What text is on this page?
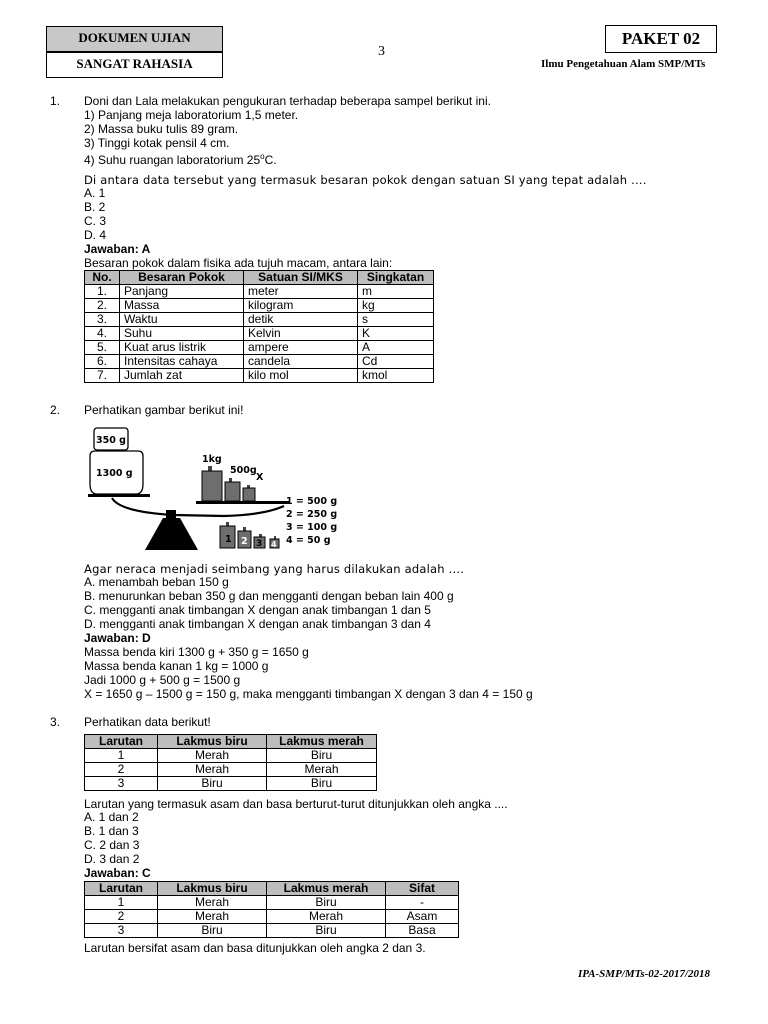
DOKUMEN UJIAN
SANGAT RAHASIA
3
PAKET 02
Ilmu Pengetahuan Alam SMP/MTs
1. Doni dan Lala melakukan pengukuran terhadap beberapa sampel berikut ini.
1) Panjang meja laboratorium 1,5 meter.
2) Massa buku tulis 89 gram.
3) Tinggi kotak pensil 4 cm.
4) Suhu ruangan laboratorium 25$^o$C.
Di antara data tersebut yang termasuk besaran pokok dengan satuan SI yang tepat adalah ....
A. 1
B. 2
C. 3
D. 4
Jawaban: A
Besaran pokok dalam fisika ada tujuh macam, antara lain:
No.	Besaran Pokok	Satuan SI/MKS	Singkatan
1.	Panjang	meter	m
2.	Massa	kilogram	kg
3.	Waktu	detik	s
4.	Suhu	Kelvin	K
5.	Kuat arus listrik	ampere	A
6.	Intensitas cahaya	candela	Cd
7.	Jumlah zat	kilo mol	kmol
2. Perhatikan gambar berikut ini!
350 g
1300 g
1kg
500g
X
1 2 3 4
1 = 500 g
2 = 250 g
3 = 100 g
4 = 50 g
Agar neraca menjadi seimbang yang harus dilakukan adalah ....
A. menambah beban 150 g
B. menurunkan beban 350 g dan mengganti dengan beban lain 400 g
C. mengganti anak timbangan X dengan anak timbangan 1 dan 5
D. mengganti anak timbangan X dengan anak timbangan 3 dan 4
Jawaban: D
Massa benda kiri 1300 g + 350 g = 1650 g
Massa benda kanan 1 kg = 1000 g
Jadi 1000 g + 500 g = 1500 g
X = 1650 g – 1500 g = 150 g, maka mengganti timbangan X dengan 3 dan 4 = 150 g
3. Perhatikan data berikut!
Larutan	Lakmus biru	Lakmus merah
1	Merah	Biru
2	Merah	Merah
3	Biru	Biru
Larutan yang termasuk asam dan basa berturut-turut ditunjukkan oleh angka ....
A. 1 dan 2
B. 1 dan 3
C. 2 dan 3
D. 3 dan 2
Jawaban: C
Larutan	Lakmus biru	Lakmus merah	Sifat
1	Merah	Biru	-
2	Merah	Merah	Asam
3	Biru	Biru	Basa
Larutan bersifat asam dan basa ditunjukkan oleh angka 2 dan 3.
IPA-SMP/MTs-02-2017/2018
